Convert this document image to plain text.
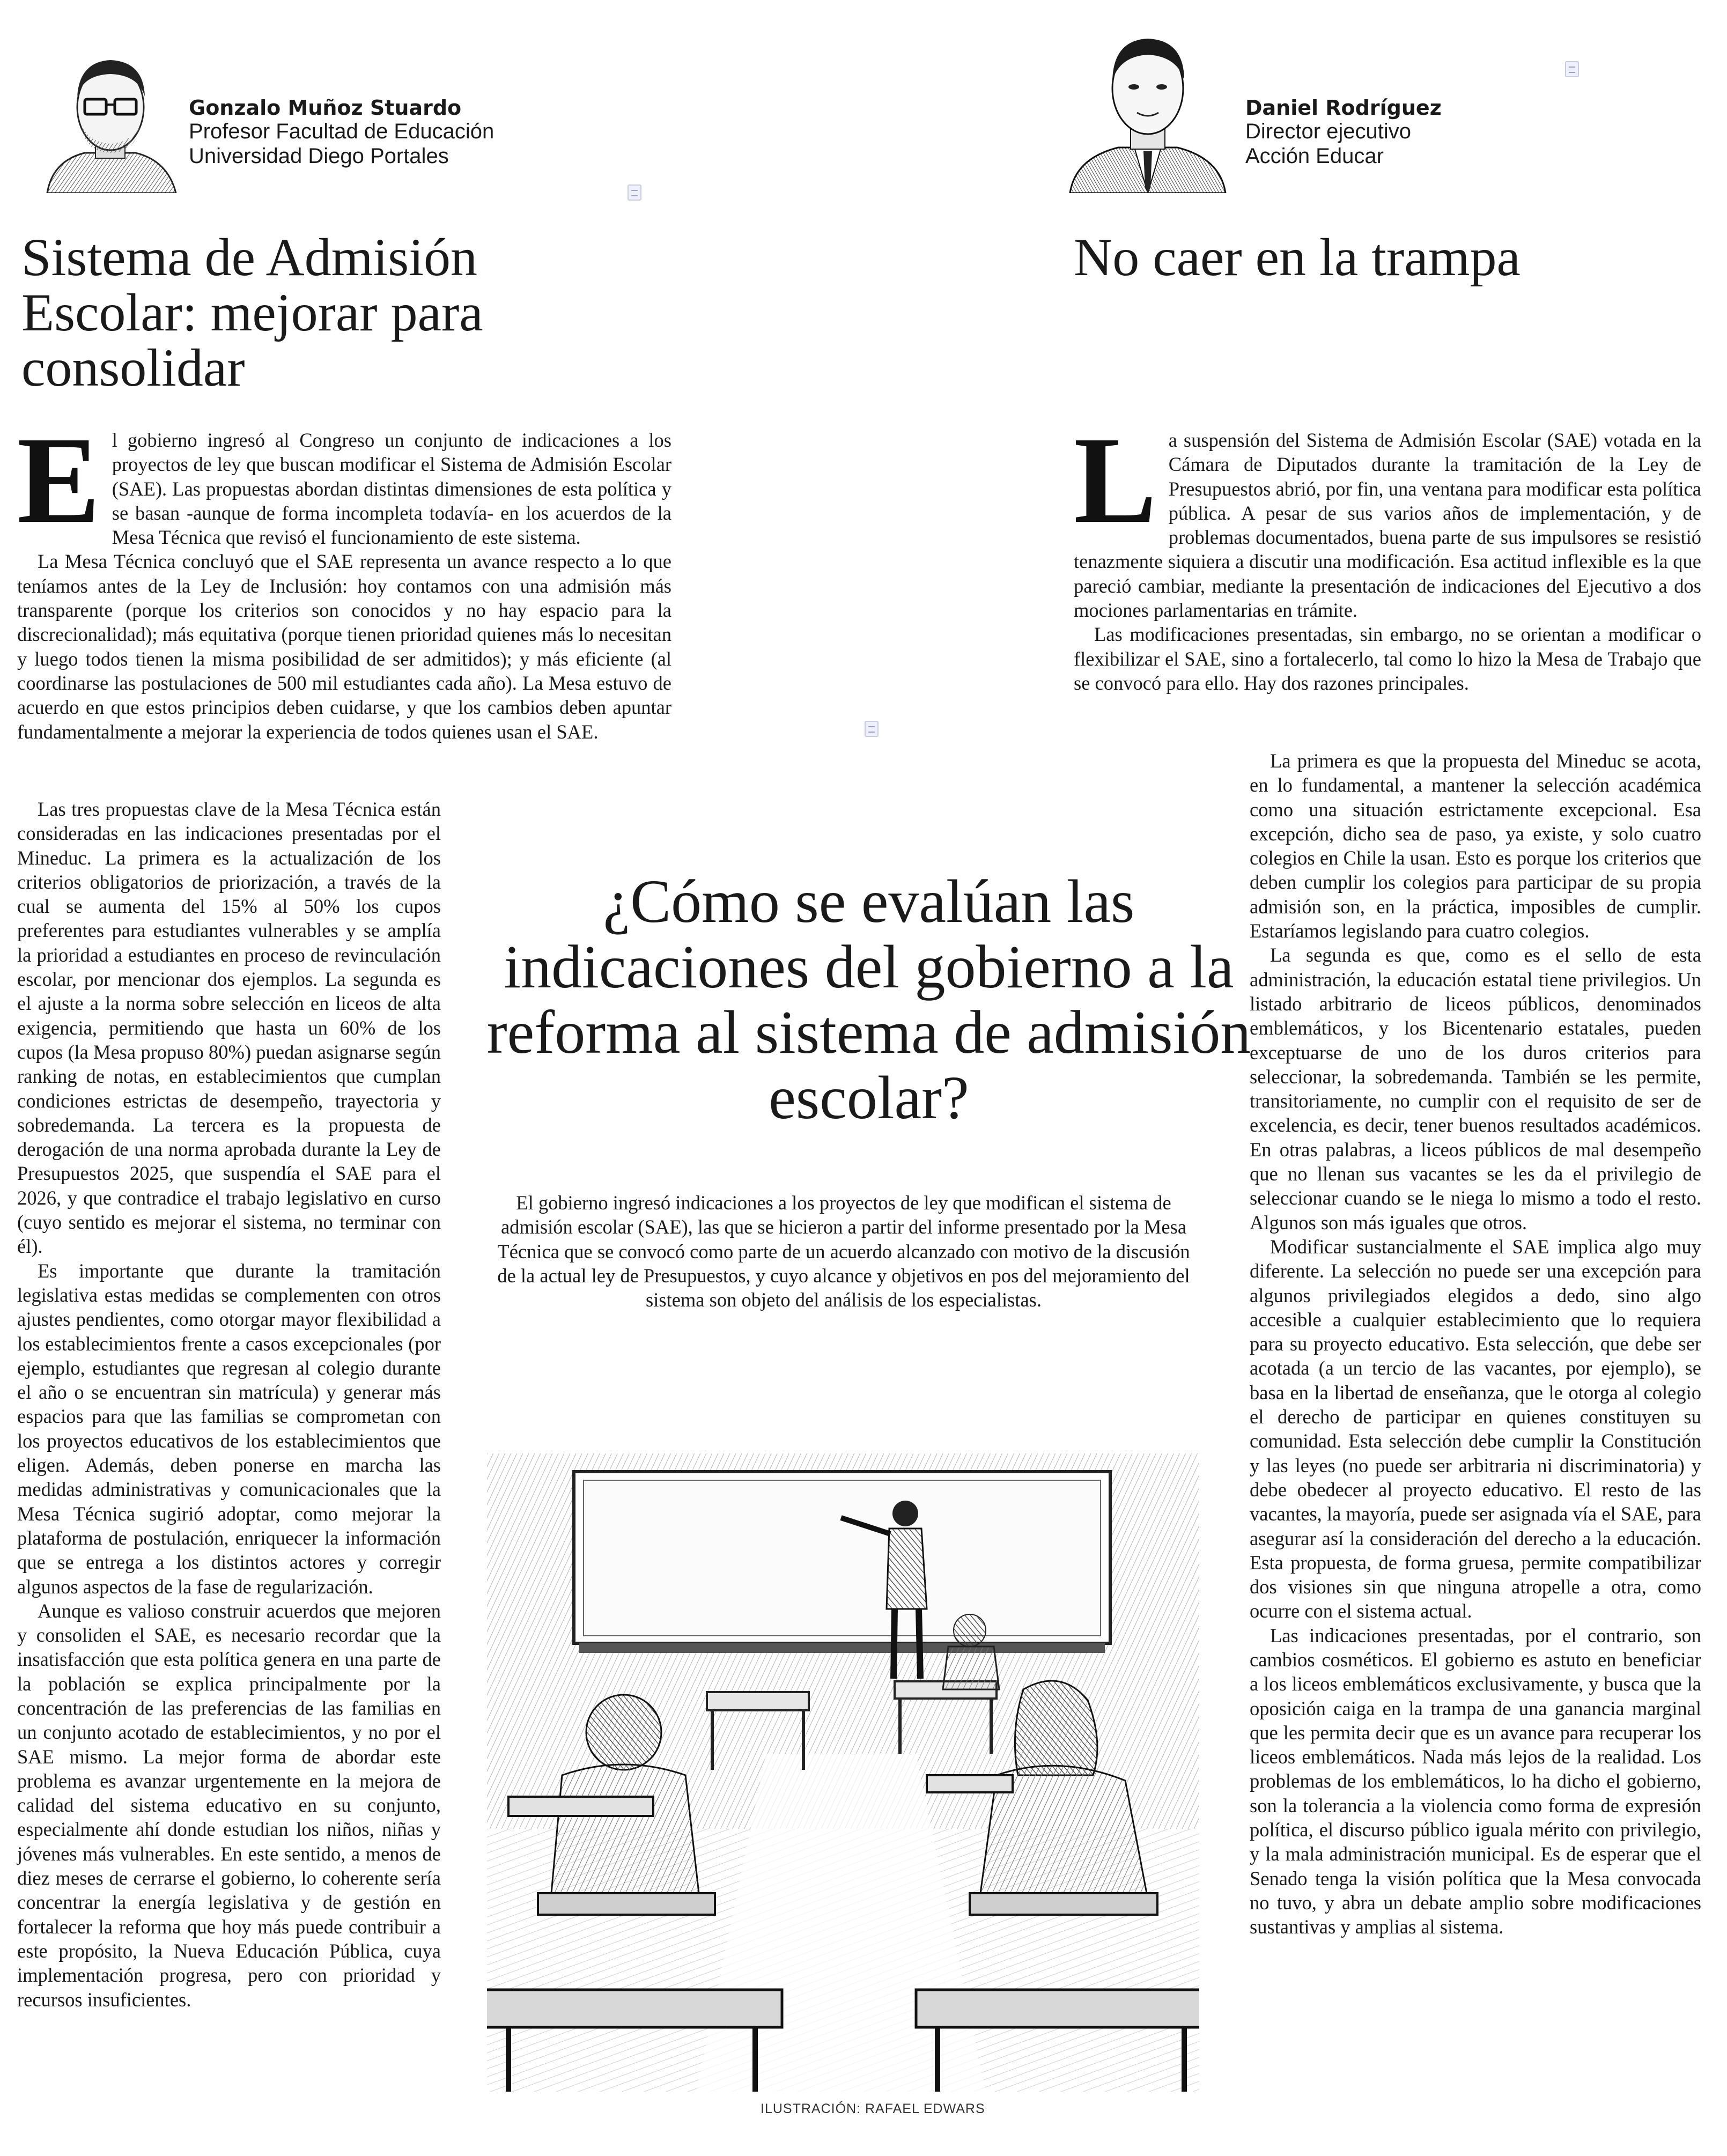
Gonzalo Muñoz Stuardo
Profesor Facultad de Educación
Universidad Diego Portales
Daniel Rodríguez
Director ejecutivo
Acción Educar
Sistema de Admisión Escolar: mejorar para consolidar
No caer en la trampa
E l gobierno ingresó al Congreso un conjunto de indicaciones a los proyectos de ley que buscan modificar el Sistema de Admisión Escolar (SAE). Las propuestas abordan distintas dimensiones de esta política y se basan -aunque de forma incompleta todavía- en los acuerdos de la Mesa Técnica que revisó el funcionamiento de este sistema.

La Mesa Técnica concluyó que el SAE representa un avance respecto a lo que teníamos antes de la Ley de Inclusión: hoy contamos con una admisión más transparente (porque los criterios son conocidos y no hay espacio para la discrecionalidad); más equitativa (porque tienen prioridad quienes más lo necesitan y luego todos tienen la misma posibilidad de ser admitidos); y más eficiente (al coordinarse las postulaciones de 500 mil estudiantes cada año). La Mesa estuvo de acuerdo en que estos principios deben cuidarse, y que los cambios deben apuntar fundamentalmente a mejorar la experiencia de todos quienes usan el SAE.

Las tres propuestas clave de la Mesa Técnica están consideradas en las indicaciones presentadas por el Mineduc. La primera es la actualización de los criterios obligatorios de priorización, a través de la cual se aumenta del 15% al 50% los cupos preferentes para estudiantes vulnerables y se amplía la prioridad a estudiantes en proceso de revinculación escolar, por mencionar dos ejemplos. La segunda es el ajuste a la norma sobre selección en liceos de alta exigencia, permitiendo que hasta un 60% de los cupos (la Mesa propuso 80%) puedan asignarse según ranking de notas, en establecimientos que cumplan condiciones estrictas de desempeño, trayectoria y sobredemanda. La tercera es la propuesta de derogación de una norma aprobada durante la Ley de Presupuestos 2025, que suspendía el SAE para el 2026, y que contradice el trabajo legislativo en curso (cuyo sentido es mejorar el sistema, no terminar con él).

Es importante que durante la tramitación legislativa estas medidas se complementen con otros ajustes pendientes, como otorgar mayor flexibilidad a los establecimientos frente a casos excepcionales (por ejemplo, estudiantes que regresan al colegio durante el año o se encuentran sin matrícula) y generar más espacios para que las familias se comprometan con los proyectos educativos de los establecimientos que eligen. Además, deben ponerse en marcha las medidas administrativas y comunicacionales que la Mesa Técnica sugirió adoptar, como mejorar la plataforma de postulación, enriquecer la información que se entrega a los distintos actores y corregir algunos aspectos de la fase de regularización.

Aunque es valioso construir acuerdos que mejoren y consoliden el SAE, es necesario recordar que la insatisfacción que esta política genera en una parte de la población se explica principalmente por la concentración de las preferencias de las familias en un conjunto acotado de establecimientos, y no por el SAE mismo. La mejor forma de abordar este problema es avanzar urgentemente en la mejora de calidad del sistema educativo en su conjunto, especialmente ahí donde estudian los niños, niñas y jóvenes más vulnerables. En este sentido, a menos de diez meses de cerrarse el gobierno, lo coherente sería concentrar la energía legislativa y de gestión en fortalecer la reforma que hoy más puede contribuir a este propósito, la Nueva Educación Pública, cuya implementación progresa, pero con prioridad y recursos insuficientes.

L a suspensión del Sistema de Admisión Escolar (SAE) votada en la Cámara de Diputados durante la tramitación de la Ley de Presupuestos abrió, por fin, una ventana para modificar esta política pública. A pesar de sus varios años de implementación, y de problemas documentados, buena parte de sus impulsores se resistió tenazmente siquiera a discutir una modificación. Esa actitud inflexible es la que pareció cambiar, mediante la presentación de indicaciones del Ejecutivo a dos mociones parlamentarias en trámite.

Las modificaciones presentadas, sin embargo, no se orientan a modificar o flexibilizar el SAE, sino a fortalecerlo, tal como lo hizo la Mesa de Trabajo que se convocó para ello. Hay dos razones principales.

La primera es que la propuesta del Mineduc se acota, en lo fundamental, a mantener la selección académica como una situación estrictamente excepcional. Esa excepción, dicho sea de paso, ya existe, y solo cuatro colegios en Chile la usan. Esto es porque los criterios que deben cumplir los colegios para participar de su propia admisión son, en la práctica, imposibles de cumplir. Estaríamos legislando para cuatro colegios.

La segunda es que, como es el sello de esta administración, la educación estatal tiene privilegios. Un listado arbitrario de liceos públicos, denominados emblemáticos, y los Bicentenario estatales, pueden exceptuarse de uno de los duros criterios para seleccionar, la sobredemanda. También se les permite, transitoriamente, no cumplir con el requisito de ser de excelencia, es decir, tener buenos resultados académicos. En otras palabras, a liceos públicos de mal desempeño que no llenan sus vacantes se les da el privilegio de seleccionar cuando se le niega lo mismo a todo el resto. Algunos son más iguales que otros.

Modificar sustancialmente el SAE implica algo muy diferente. La selección no puede ser una excepción para algunos privilegiados elegidos a dedo, sino algo accesible a cualquier establecimiento que lo requiera para su proyecto educativo. Esta selección, que debe ser acotada (a un tercio de las vacantes, por ejemplo), se basa en la libertad de enseñanza, que le otorga al colegio el derecho de participar en quienes constituyen su comunidad. Esta selección debe cumplir la Constitución y las leyes (no puede ser arbitraria ni discriminatoria) y debe obedecer al proyecto educativo. El resto de las vacantes, la mayoría, puede ser asignada vía el SAE, para asegurar así la consideración del derecho a la educación. Esta propuesta, de forma gruesa, permite compatibilizar dos visiones sin que ninguna atropelle a otra, como ocurre con el sistema actual.

Las indicaciones presentadas, por el contrario, son cambios cosméticos. El gobierno es astuto en beneficiar a los liceos emblemáticos exclusivamente, y busca que la oposición caiga en la trampa de una ganancia marginal que les permita decir que es un avance para recuperar los liceos emblemáticos. Nada más lejos de la realidad. Los problemas de los emblemáticos, lo ha dicho el gobierno, son la tolerancia a la violencia como forma de expresión política, el discurso público iguala mérito con privilegio, y la mala administración municipal. Es de esperar que el Senado tenga la visión política que la Mesa convocada no tuvo, y abra un debate amplio sobre modificaciones sustantivas y amplias al sistema.

¿Cómo se evalúan las indicaciones del gobierno a la reforma al sistema de admisión escolar?
El gobierno ingresó indicaciones a los proyectos de ley que modifican el sistema de admisión escolar (SAE), las que se hicieron a partir del informe presentado por la Mesa Técnica que se convocó como parte de un acuerdo alcanzado con motivo de la discusión de la actual ley de Presupuestos, y cuyo alcance y objetivos en pos del mejoramiento del sistema son objeto del análisis de los especialistas.
ILUSTRACIÓN: RAFAEL EDWARS
